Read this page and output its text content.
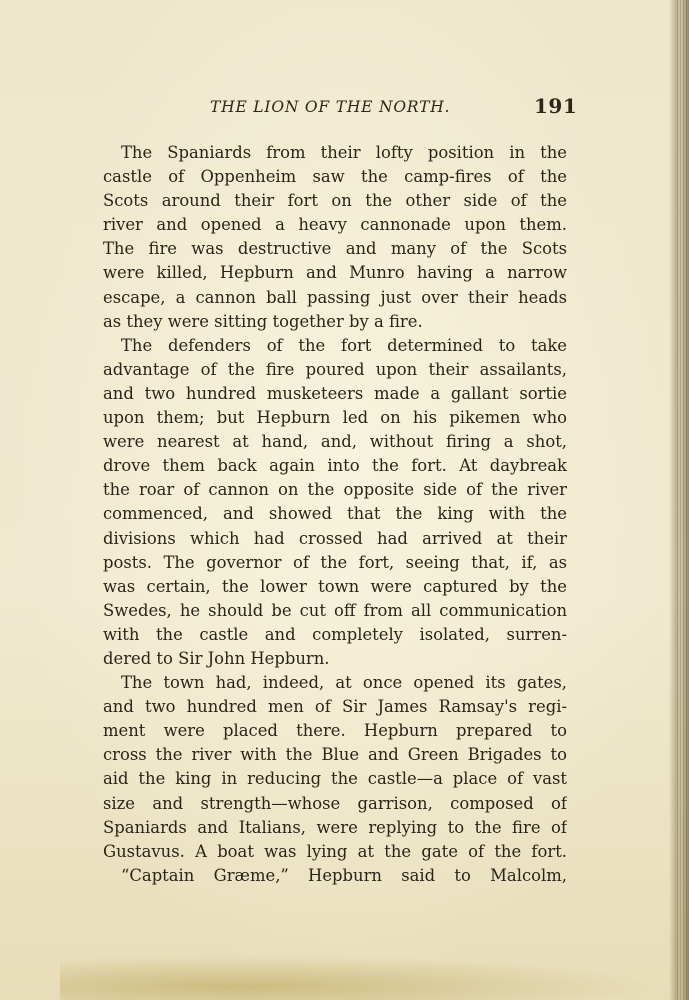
THE LION OF THE NORTH.	191
The Spaniards from their lofty position in the
castle of Oppenheim saw the camp-fires of the
Scots around their fort on the other side of the
river and opened a heavy cannonade upon them.
The fire was destructive and many of the Scots
were killed, Hepburn and Munro having a narrow
escape, a cannon ball passing just over their heads
as they were sitting together by a fire.
The defenders of the fort determined to take
advantage of the fire poured upon their assailants,
and two hundred musketeers made a gallant sortie
upon them; but Hepburn led on his pikemen who
were nearest at hand, and, without firing a shot,
drove them back again into the fort. At daybreak
the roar of cannon on the opposite side of the river
commenced, and showed that the king with the
divisions which had crossed had arrived at their
posts. The governor of the fort, seeing that, if, as
was certain, the lower town were captured by the
Swedes, he should be cut off from all communication
with the castle and completely isolated, surren-
dered to Sir John Hepburn.
The town had, indeed, at once opened its gates,
and two hundred men of Sir James Ramsay's regi-
ment were placed there. Hepburn prepared to
cross the river with the Blue and Green Brigades to
aid the king in reducing the castle—a place of vast
size and strength—whose garrison, composed of
Spaniards and Italians, were replying to the fire of
Gustavus. A boat was lying at the gate of the fort.
“Captain Græme,” Hepburn said to Malcolm,
